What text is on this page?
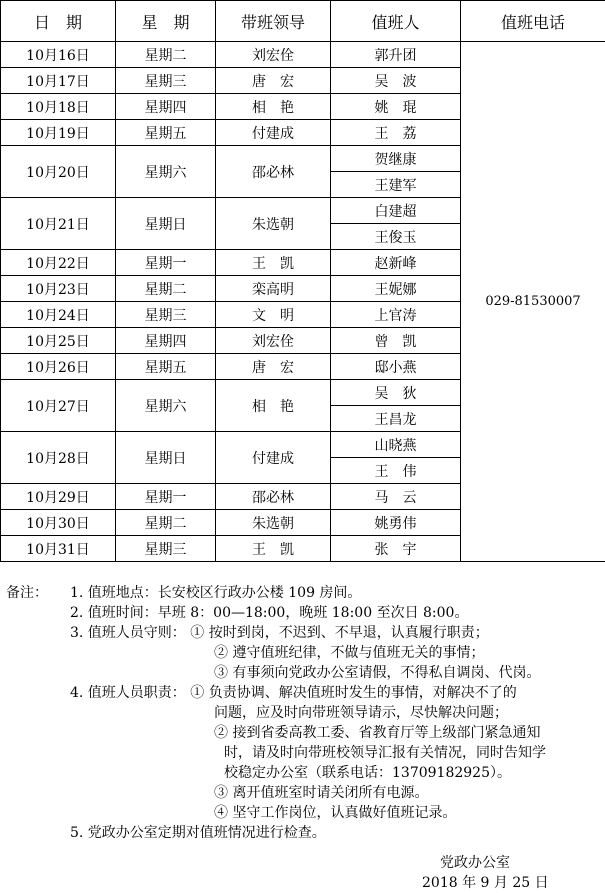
日　期	星　期	带班领导	值班人	值班电话
10月16日	星期二	刘宏佺	郭升团	029-81530007
10月17日	星期三	唐　宏	吴　波	
10月18日	星期四	相　艳	姚　琨	
10月19日	星期五	付建成	王　荔	
10月20日	星期六	邵必林	贺继康	
			王建军	
10月21日	星期日	朱选朝	白建超	
			王俊玉	
10月22日	星期一	王　凯	赵新峰	
10月23日	星期二	栾高明	王妮娜	
10月24日	星期三	文　明	上官涛	
10月25日	星期四	刘宏佺	曾　凯	
10月26日	星期五	唐　宏	邸小燕	
10月27日	星期六	相　艳	吴　狄	
			王昌龙	
10月28日	星期日	付建成	山晓燕	
			王　伟	
10月29日	星期一	邵必林	马　云	
10月30日	星期二	朱选朝	姚勇伟	
10月31日	星期三	王　凯	张　宇	
备注： 1. 值班地点：长安校区行政办公楼 109 房间。
2. 值班时间：早班 8：00—18:00，晚班 18:00 至次日 8:00。
3. 值班人员守则： ① 按时到岗，不迟到、不早退，认真履行职责；
② 遵守值班纪律，不做与值班无关的事情；
③ 有事须向党政办公室请假，不得私自调岗、代岗。
4. 值班人员职责： ① 负责协调、解决值班时发生的事情，对解决不了的
问题，应及时向带班领导请示，尽快解决问题；
② 接到省委高教工委、省教育厅等上级部门紧急通知
时，请及时向带班校领导汇报有关情况，同时告知学
校稳定办公室（联系电话：13709182925）。
③ 离开值班室时请关闭所有电源。
④ 坚守工作岗位，认真做好值班记录。
5. 党政办公室定期对值班情况进行检查。
党政办公室
2018 年 9 月 25 日
